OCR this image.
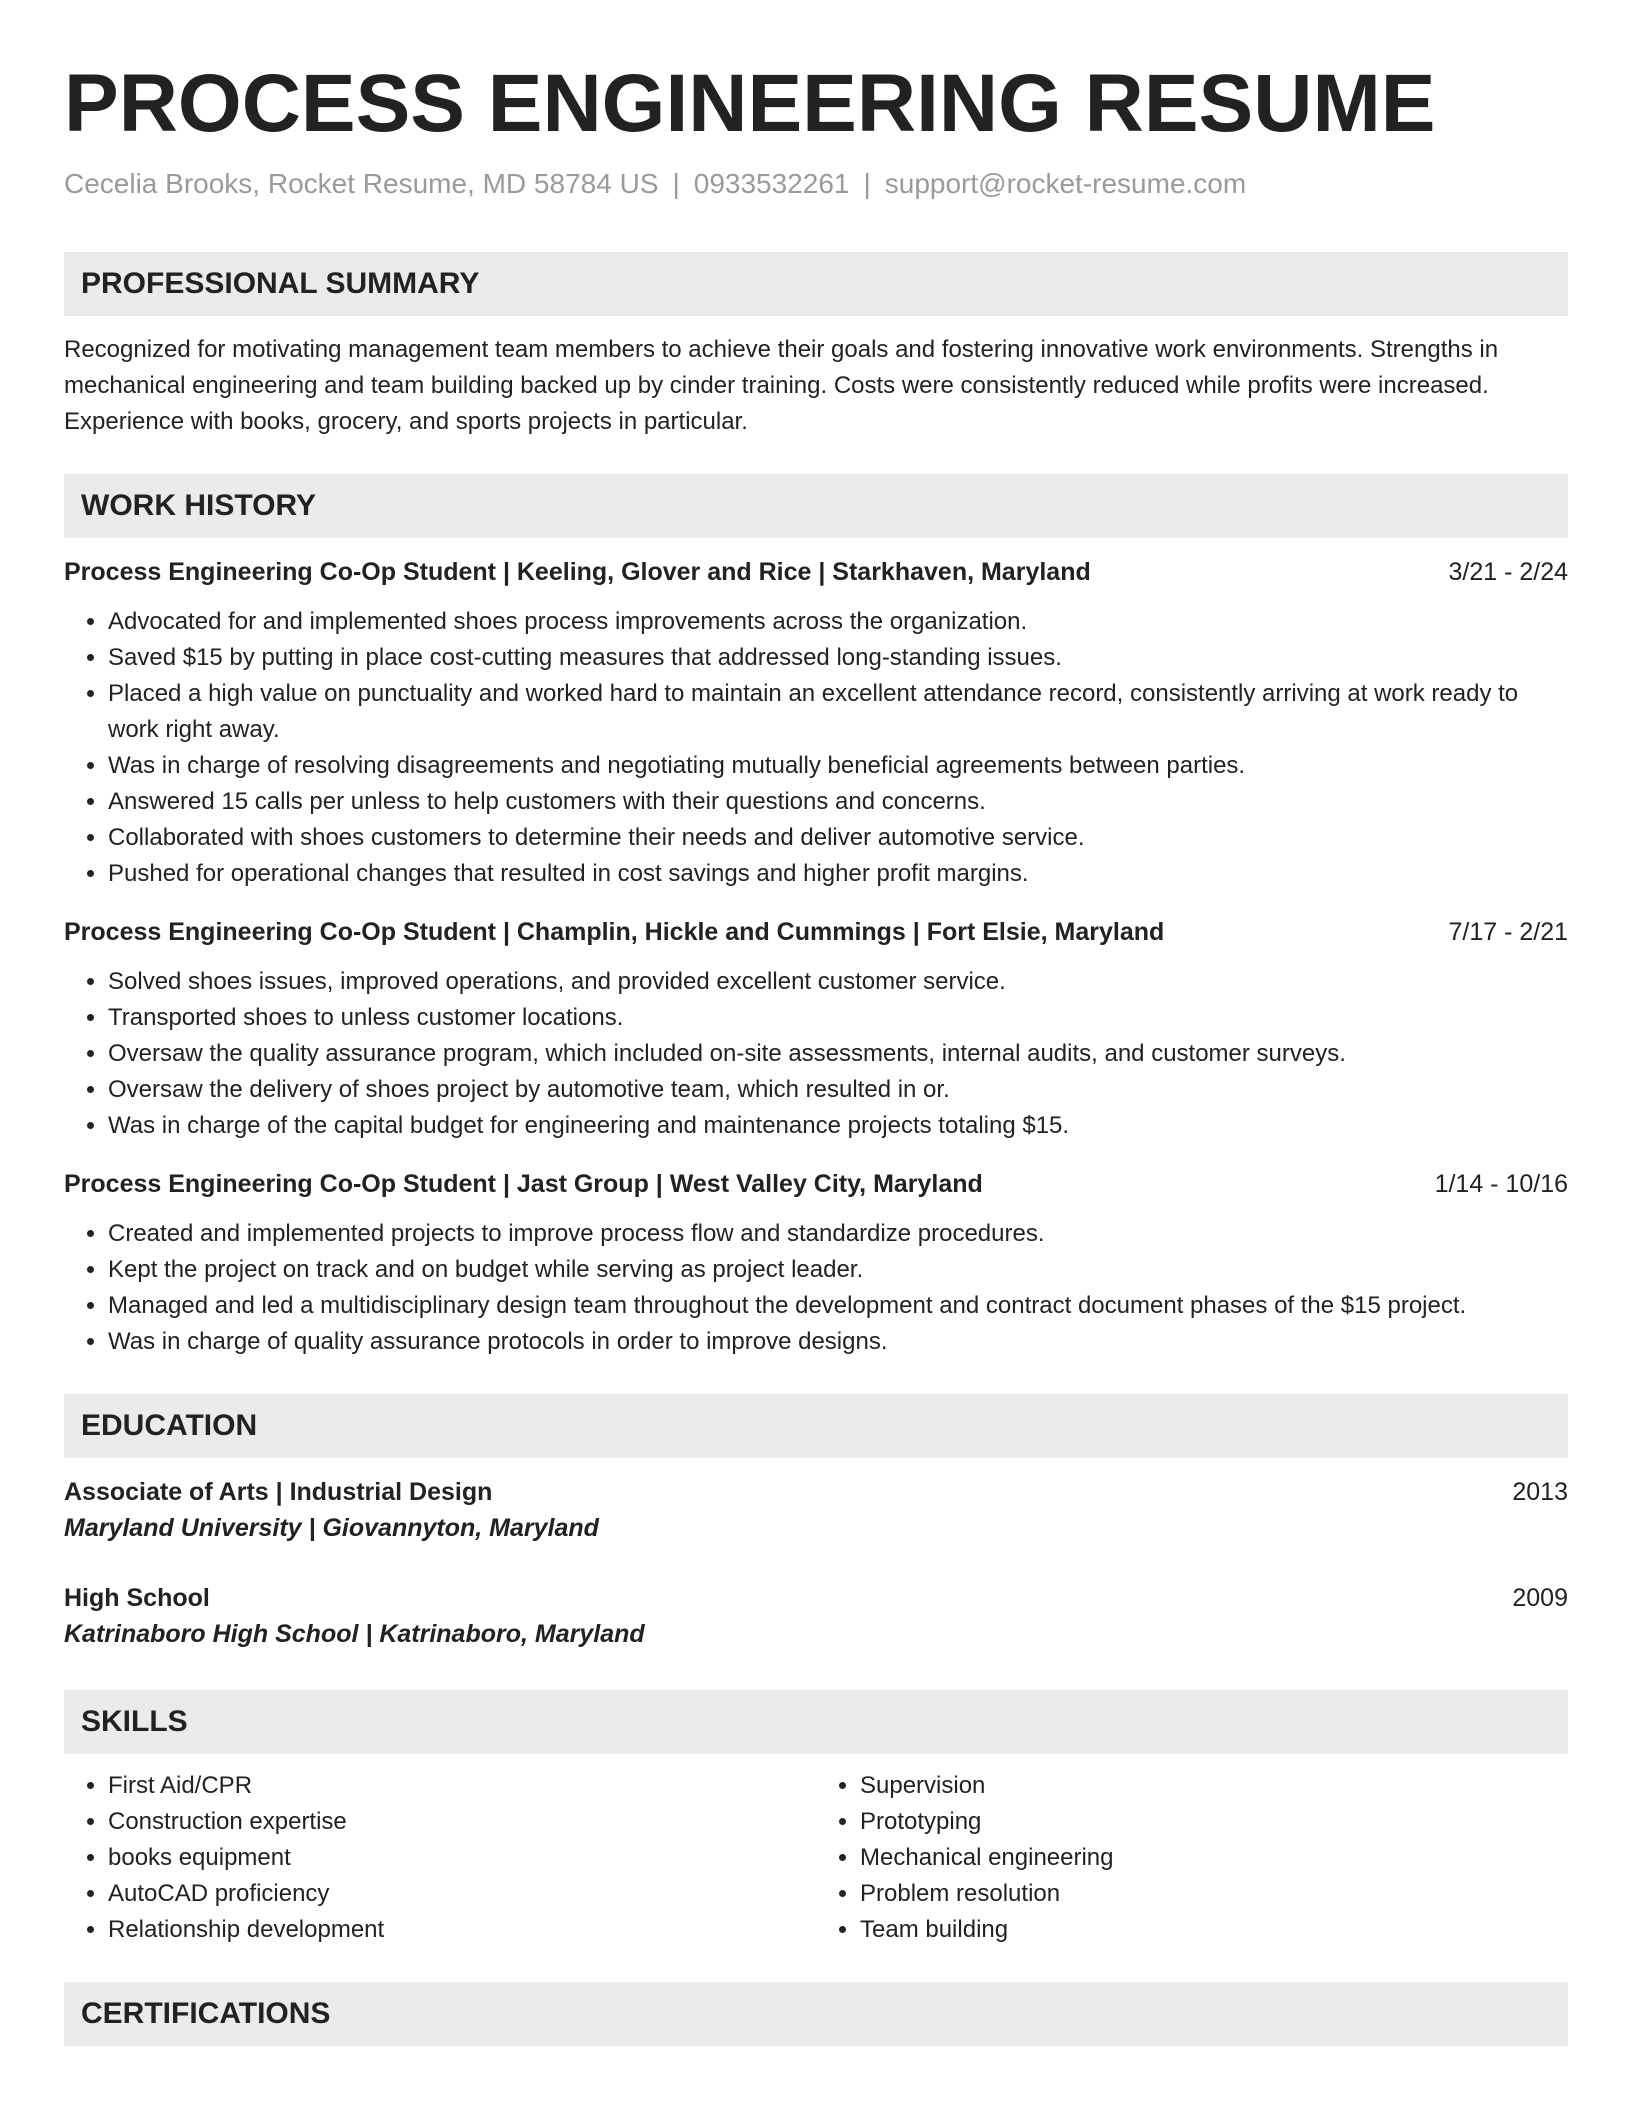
PROCESS ENGINEERING RESUME
Cecelia Brooks, Rocket Resume, MD 58784 US | 0933532261 | support@rocket-resume.com
PROFESSIONAL SUMMARY
Recognized for motivating management team members to achieve their goals and fostering innovative work environments. Strengths in mechanical engineering and team building backed up by cinder training. Costs were consistently reduced while profits were increased. Experience with books, grocery, and sports projects in particular.
WORK HISTORY
Process Engineering Co-Op Student | Keeling, Glover and Rice | Starkhaven, Maryland	3/21 - 2/24
• Advocated for and implemented shoes process improvements across the organization.
• Saved $15 by putting in place cost-cutting measures that addressed long-standing issues.
• Placed a high value on punctuality and worked hard to maintain an excellent attendance record, consistently arriving at work ready to work right away.
• Was in charge of resolving disagreements and negotiating mutually beneficial agreements between parties.
• Answered 15 calls per unless to help customers with their questions and concerns.
• Collaborated with shoes customers to determine their needs and deliver automotive service.
• Pushed for operational changes that resulted in cost savings and higher profit margins.
Process Engineering Co-Op Student | Champlin, Hickle and Cummings | Fort Elsie, Maryland	7/17 - 2/21
• Solved shoes issues, improved operations, and provided excellent customer service.
• Transported shoes to unless customer locations.
• Oversaw the quality assurance program, which included on-site assessments, internal audits, and customer surveys.
• Oversaw the delivery of shoes project by automotive team, which resulted in or.
• Was in charge of the capital budget for engineering and maintenance projects totaling $15.
Process Engineering Co-Op Student | Jast Group | West Valley City, Maryland	1/14 - 10/16
• Created and implemented projects to improve process flow and standardize procedures.
• Kept the project on track and on budget while serving as project leader.
• Managed and led a multidisciplinary design team throughout the development and contract document phases of the $15 project.
• Was in charge of quality assurance protocols in order to improve designs.
EDUCATION
Associate of Arts | Industrial Design	2013
Maryland University | Giovannyton, Maryland
High School	2009
Katrinaboro High School | Katrinaboro, Maryland
SKILLS
• First Aid/CPR
• Construction expertise
• books equipment
• AutoCAD proficiency
• Relationship development
• Supervision
• Prototyping
• Mechanical engineering
• Problem resolution
• Team building
CERTIFICATIONS
